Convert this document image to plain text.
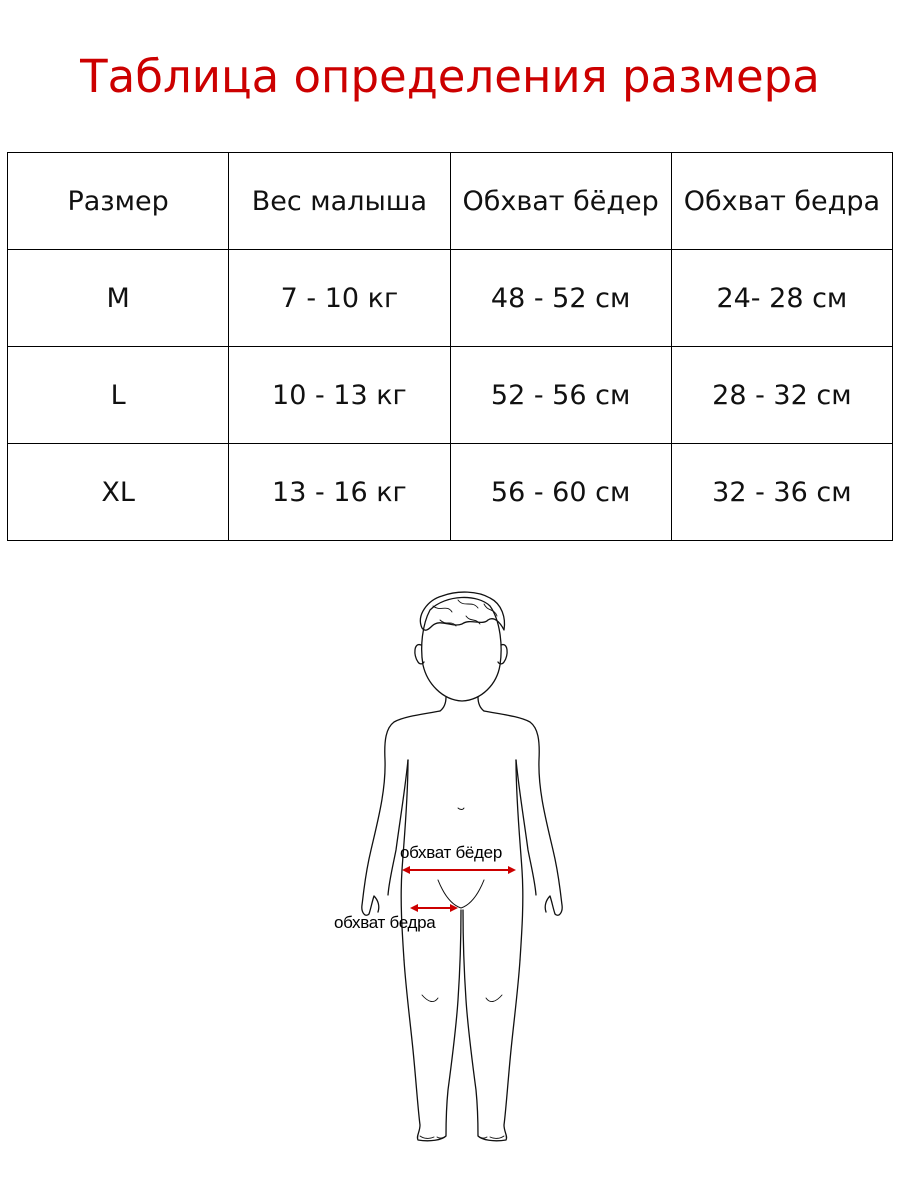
Таблица определения размера
Размер	Вес малыша	Обхват бёдер	Обхват бедра
M	7 - 10 кг	48 - 52 см	24- 28 см
L	10 - 13 кг	52 - 56 см	28 - 32 см
XL	13 - 16 кг	56 - 60 см	32 - 36 см
обхват бёдер
обхват бедра
